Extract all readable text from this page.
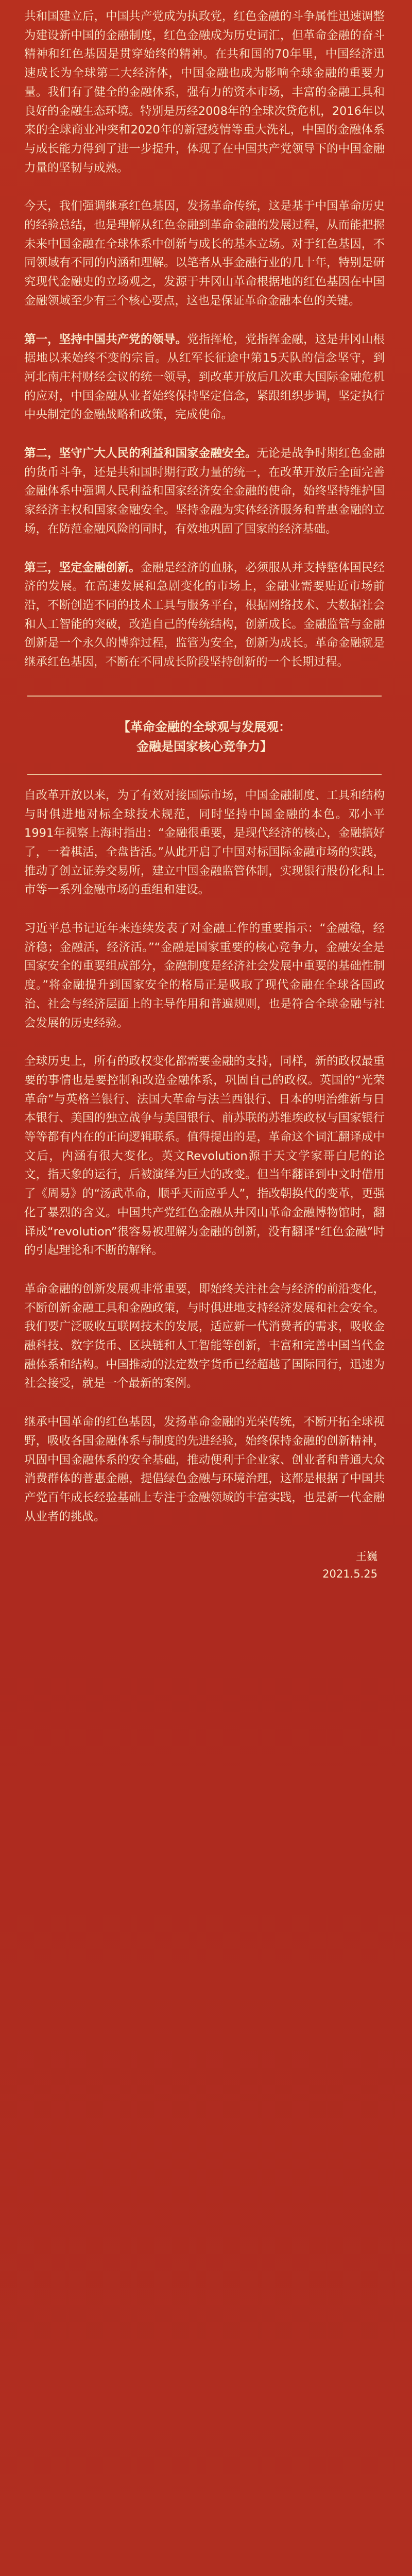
共和国建立后，中国共产党成为执政党，红色金融的斗争属性迅速调整为建设新中国的金融制度，红色金融成为历史词汇，但革命金融的奋斗精神和红色基因是贯穿始终的精神。在共和国的70年里，中国经济迅速成长为全球第二大经济体，中国金融也成为影响全球金融的重要力量。我们有了健全的金融体系，强有力的资本市场，丰富的金融工具和良好的金融生态环境。特别是历经2008年的全球次贷危机，2016年以来的全球商业冲突和2020年的新冠疫情等重大洗礼，中国的金融体系与成长能力得到了进一步提升，体现了在中国共产党领导下的中国金融力量的坚韧与成熟。

今天，我们强调继承红色基因，发扬革命传统，这是基于中国革命历史的经验总结，也是理解从红色金融到革命金融的发展过程，从而能把握未来中国金融在全球体系中创新与成长的基本立场。对于红色基因，不同领域有不同的内涵和理解。以笔者从事金融行业的几十年，特别是研究现代金融史的立场观之，发源于井冈山革命根据地的红色基因在中国金融领域至少有三个核心要点，这也是保证革命金融本色的关键。

第一，坚持中国共产党的领导。党指挥枪，党指挥金融，这是井冈山根据地以来始终不变的宗旨。从红军长征途中第15天队的信念坚守，到河北南庄村财经会议的统一领导，到改革开放后几次重大国际金融危机的应对，中国金融从业者始终保持坚定信念，紧跟组织步调，坚定执行中央制定的金融战略和政策，完成使命。

第二，坚守广大人民的利益和国家金融安全。无论是战争时期红色金融的货币斗争，还是共和国时期行政力量的统一，在改革开放后全面完善金融体系中强调人民利益和国家经济安全金融的使命，始终坚持维护国家经济主权和国家金融安全。坚持金融为实体经济服务和普惠金融的立场，在防范金融风险的同时，有效地巩固了国家的经济基础。

第三，坚定金融创新。金融是经济的血脉，必须服从并支持整体国民经济的发展。在高速发展和急剧变化的市场上，金融业需要贴近市场前沿，不断创造不同的技术工具与服务平台，根据网络技术、大数据社会和人工智能的突破，改造自己的传统结构，创新成长。金融监管与金融创新是一个永久的博弈过程，监管为安全，创新为成长。革命金融就是继承红色基因，不断在不同成长阶段坚持创新的一个长期过程。

【革命金融的全球观与发展观：
金融是国家核心竞争力】

自改革开放以来，为了有效对接国际市场，中国金融制度、工具和结构与时俱进地对标全球技术规范，同时坚持中国金融的本色。邓小平1991年视察上海时指出：“金融很重要，是现代经济的核心，金融搞好了，一着棋活，全盘皆活。”从此开启了中国对标国际金融市场的实践，推动了创立证券交易所，建立中国金融监管体制，实现银行股份化和上市等一系列金融市场的重组和建设。

习近平总书记近年来连续发表了对金融工作的重要指示：“金融稳，经济稳；金融活，经济活。”“金融是国家重要的核心竞争力，金融安全是国家安全的重要组成部分，金融制度是经济社会发展中重要的基础性制度。”将金融提升到国家安全的格局正是吸取了现代金融在全球各国政治、社会与经济层面上的主导作用和普遍规则，也是符合全球金融与社会发展的历史经验。

全球历史上，所有的政权变化都需要金融的支持，同样，新的政权最重要的事情也是要控制和改造金融体系，巩固自己的政权。英国的“光荣革命”与英格兰银行、法国大革命与法兰西银行、日本的明治维新与日本银行、美国的独立战争与美国银行、前苏联的苏维埃政权与国家银行等等都有内在的正向逻辑联系。值得提出的是，革命这个词汇翻译成中文后，内涵有很大变化。英文Revolution源于天文学家哥白尼的论文，指天象的运行，后被演绎为巨大的改变。但当年翻译到中文时借用了《周易》的“汤武革命，顺乎天而应乎人”，指改朝换代的变革，更强化了暴烈的含义。中国共产党红色金融从井冈山革命金融博物馆时，翻译成“revolution”很容易被理解为金融的创新，没有翻译“红色金融”时的引起理论和不断的解释。

革命金融的创新发展观非常重要，即始终关注社会与经济的前沿变化，不断创新金融工具和金融政策，与时俱进地支持经济发展和社会安全。我们要广泛吸收互联网技术的发展，适应新一代消费者的需求，吸收金融科技、数字货币、区块链和人工智能等创新，丰富和完善中国当代金融体系和结构。中国推动的法定数字货币已经超越了国际同行，迅速为社会接受，就是一个最新的案例。

继承中国革命的红色基因，发扬革命金融的光荣传统，不断开拓全球视野，吸收各国金融体系与制度的先进经验，始终保持金融的创新精神，巩固中国金融体系的安全基础，推动便利于企业家、创业者和普通大众消费群体的普惠金融，提倡绿色金融与环境治理，这都是根据了中国共产党百年成长经验基础上专注于金融领域的丰富实践，也是新一代金融从业者的挑战。

王巍
2021.5.25
